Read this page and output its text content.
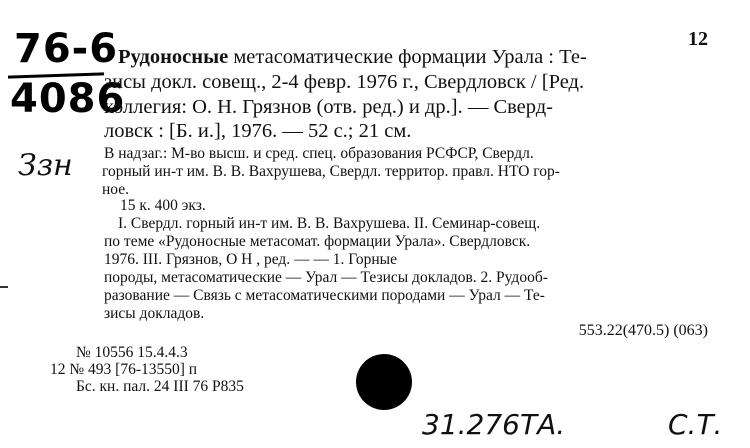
76-6
4086
Ззн
12
Рудоносные метасоматические формации Урала : Те-
зисы докл. совещ., 2-4 февр. 1976 г., Свердловск / [Ред.
коллегия: О. Н. Грязнов (отв. ред.) и др.]. — Сверд-
ловск : [Б. и.], 1976. — 52 с.; 21 см.
В надзаг.: М-во высш. и сред. спец. образования РСФСР, Свердл.
горный ин-т им. В. В. Вахрушева, Свердл. территор. правл. НТО гор-
ное.
15 к. 400 экз.
I. Свердл. горный ин-т им. В. В. Вахрушева. II. Семинар-совещ.
по теме «Рудоносные метасомат. формации Урала». Свердловск.
1976. III. Грязнов, О Н , ред. — — 1. Горные
породы, метасоматические — Урал — Тезисы докладов. 2. Рудооб-
разование — Связь с метасоматическими породами — Урал — Те-
зисы докладов.
553.22(470.5) (063)
№ 10556 15.4.4.3
12 № 493 [76-13550] п
Бс. кн. пал. 24 III 76 Р835
31.276ТА.	С.Т.
